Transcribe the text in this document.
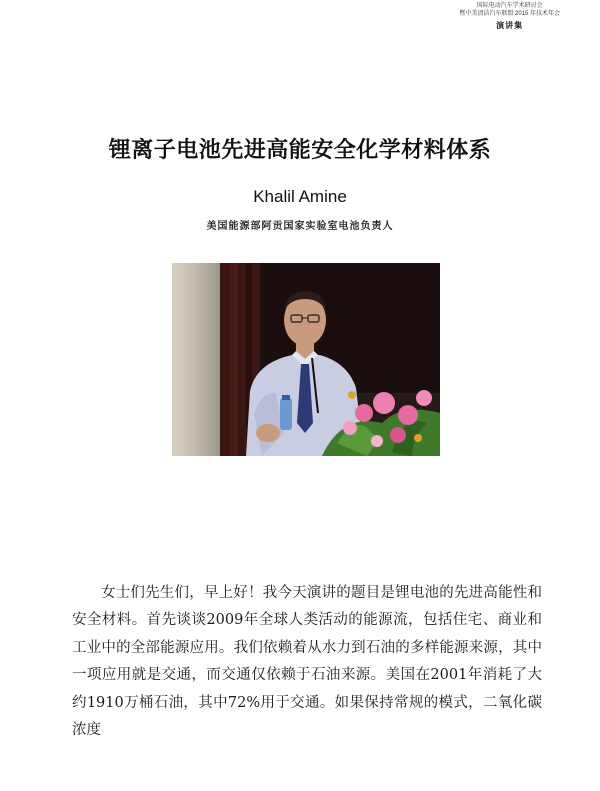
国际电动汽车学术研讨会
暨中美清洁汽车联盟 2015 年技术年会
演讲集
锂离子电池先进高能安全化学材料体系
Khalil Amine
美国能源部阿贡国家实验室电池负责人

女士们先生们，早上好！我今天演讲的题目是锂电池的先进高能性和安全材料。首先谈谈2009年全球人类活动的能源流，包括住宅、商业和工业中的全部能源应用。我们依赖着从水力到石油的多样能源来源，其中一项应用就是交通，而交通仅依赖于石油来源。美国在2001年消耗了大约1910万桶石油，其中72%用于交通。如果保持常规的模式，二氧化碳浓度
